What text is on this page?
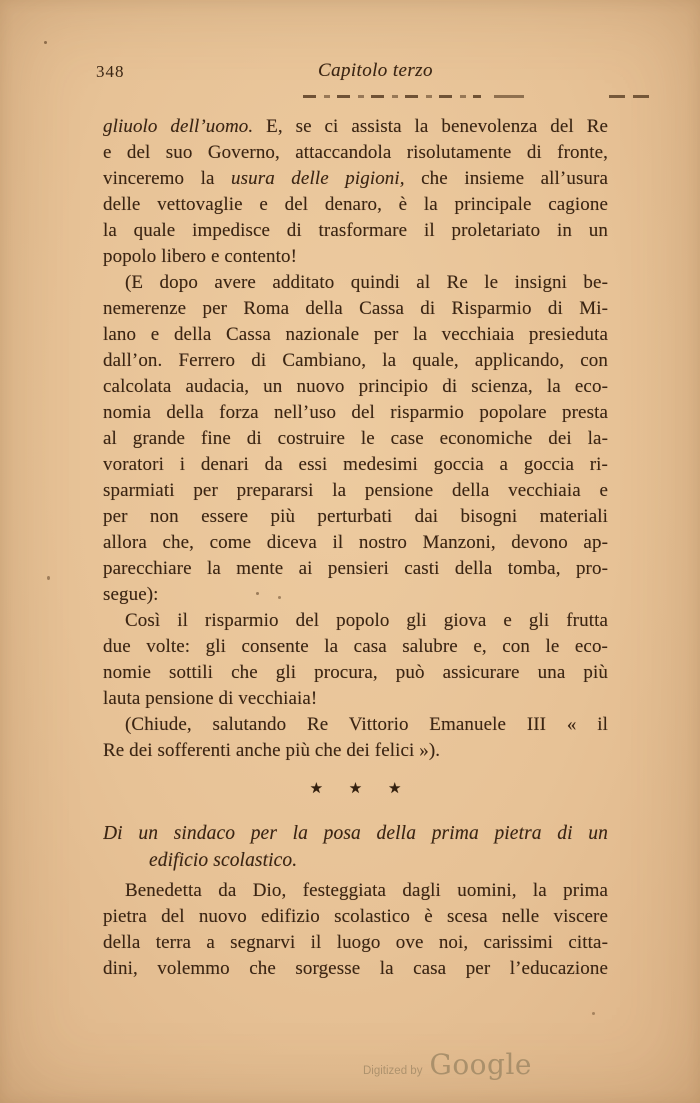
348	Capitolo terzo
gliuolo dell’uomo. E, se ci assista la benevolenza del Re
e del suo Governo, attaccandola risolutamente di fronte,
vinceremo la usura delle pigioni, che insieme all’usura
delle vettovaglie e del denaro, è la principale cagione
la quale impedisce di trasformare il proletariato in un
popolo libero e contento!
(E dopo avere additato quindi al Re le insigni be-
nemerenze per Roma della Cassa di Risparmio di Mi-
lano e della Cassa nazionale per la vecchiaia presieduta
dall’on. Ferrero di Cambiano, la quale, applicando, con
calcolata audacia, un nuovo principio di scienza, la eco-
nomia della forza nell’uso del risparmio popolare presta
al grande fine di costruire le case economiche dei la-
voratori i denari da essi medesimi goccia a goccia ri-
sparmiati per prepararsi la pensione della vecchiaia e
per non essere più perturbati dai bisogni materiali
allora che, come diceva il nostro Manzoni, devono ap-
parecchiare la mente ai pensieri casti della tomba, pro-
segue):
Così il risparmio del popolo gli giova e gli frutta
due volte: gli consente la casa salubre e, con le eco-
nomie sottili che gli procura, può assicurare una più
lauta pensione di vecchiaia!
(Chiude, salutando Re Vittorio Emanuele III « il
Re dei sofferenti anche più che dei felici »).
★ ★ ★
Di un sindaco per la posa della prima pietra di un
edificio scolastico.
Benedetta da Dio, festeggiata dagli uomini, la prima
pietra del nuovo edifizio scolastico è scesa nelle viscere
della terra a segnarvi il luogo ove noi, carissimi citta-
dini, volemmo che sorgesse la casa per l’educazione
Digitized by Google
